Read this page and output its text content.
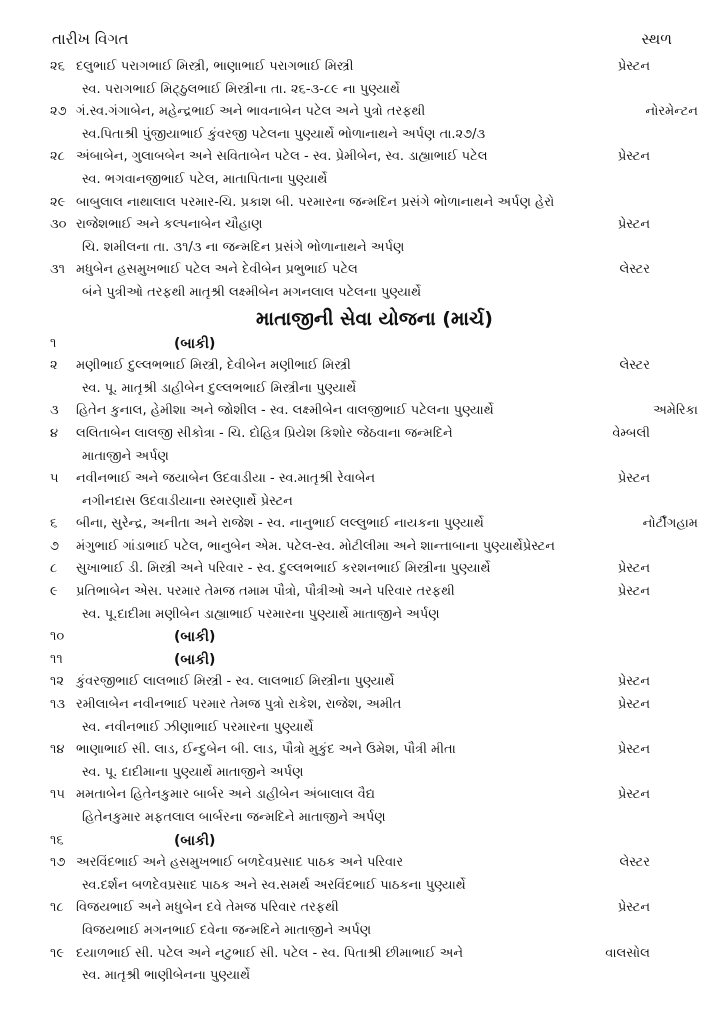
તારીખ વિગત	સ્થળ
૨૬ દલુભાઈ પરાગભાઈ મિસ્ત્રી, ભાણાભાઈ પરાગભાઈ મિસ્ત્રી	પ્રેસ્ટન
સ્વ. પરાગભાઈ મિટ્ઠુલભાઈ મિસ્ત્રીના તા. ૨૬-૩-૮૯ ના પુણ્યાર્થે
૨૭ ગં.સ્વ.ગંગાબેન, મહેન્દ્રભાઈ અને ભાવનાબેન પટેલ અને પુત્રો તરફથી	નોરમેન્ટન
સ્વ.પિતાશ્રી પુંજીયાભાઈ કુંવરજી પટેલના પુણ્યાર્થે ભોળાનાથને અર્પણ તા.૨૭/૩
૨૮ અંબાબેન, ગુલાબબેન અને સવિતાબેન પટેલ - સ્વ. પ્રેમીબેન, સ્વ. ડાહ્યાભાઈ પટેલ	પ્રેસ્ટન
સ્વ. ભગવાનજીભાઈ પટેલ, માતાપિતાના પુણ્યાર્થે
૨૯ બાબુલાલ નાથાલાલ પરમાર-ચિ. પ્રકાશ બી. પરમારના જન્મદિન પ્રસંગે ભોળાનાથને અર્પણ હેરો
૩૦ રાજેશભાઈ અને કલ્પનાબેન ચૌહાણ	પ્રેસ્ટન
ચિ. શમીલના તા. ૩૧/૩ ના જન્મદિન પ્રસંગે ભોળાનાથને અર્પણ
૩૧ મધુબેન હસમુખભાઈ પટેલ અને દેવીબેન પ્રભુભાઈ પટેલ	લેસ્ટર
બંને પુત્રીઓ તરફથી માતૃશ્રી લક્ષ્મીબેન મગનલાલ પટેલના પુણ્યાર્થે
માતાજીની સેવા યોજના (માર્ચ)
૧	(બાકી)
૨ મણીભાઈ દુલ્લભભાઈ મિસ્ત્રી, દેવીબેન મણીભાઈ મિસ્ત્રી	લેસ્ટર
સ્વ. પૂ. માતૃશ્રી ડાહીબેન દુલ્લભભાઈ મિસ્ત્રીના પુણ્યાર્થે
૩ હિતેન કુનાલ, હેમીશા અને જોશીલ - સ્વ. લક્ષ્મીબેન વાલજીભાઈ પટેલના પુણ્યાર્થે	અમેરિકા
૪ લલિતાબેન લાલજી સીકોત્રા - ચિ. દોહિત્ર પ્રિયેશ કિશોર જેઠવાના જન્મદિને	વેમ્બલી
માતાજીને અર્પણ
૫ નવીનભાઈ અને જયાબેન ઉદવાડીયા - સ્વ.માતૃશ્રી રેવાબેન	પ્રેસ્ટન
નગીનદાસ ઉદવાડીયાના સ્મરણાર્થે પ્રેસ્ટન
૬ બીના, સુરેન્દ્ર, અનીતા અને રાજેશ - સ્વ. નાનુભાઈ લલ્લુભાઈ નાયકના પુણ્યાર્થે	નોર્ટીંગહામ
૭ મંગુભાઈ ગાંડાભાઈ પટેલ, ભાનુબેન એમ. પટેલ-સ્વ. મોટીલીમા અને શાન્તાબાના પુણ્યાર્થેપ્રેસ્ટન
૮ સુખાભાઈ ડી. મિસ્ત્રી અને પરિવાર - સ્વ. દુલ્લભભાઈ કરશનભાઈ મિસ્ત્રીના પુણ્યાર્થે	પ્રેસ્ટન
૯ પ્રતિભાબેન એસ. પરમાર તેમજ તમામ પૌત્રો, પૌત્રીઓ અને પરિવાર તરફથી	પ્રેસ્ટન
સ્વ. પૂ.દાદીમા મણીબેન ડાહ્યાભાઈ પરમારના પુણ્યાર્થે માતાજીને અર્પણ
૧૦	(બાકી)
૧૧	(બાકી)
૧૨ કુંવરજીભાઈ લાલભાઈ મિસ્ત્રી - સ્વ. લાલભાઈ મિસ્ત્રીના પુણ્યાર્થે	પ્રેસ્ટન
૧૩ રમીલાબેન નવીનભાઈ પરમાર તેમજ પુત્રો રાકેશ, રાજેશ, અમીત	પ્રેસ્ટન
સ્વ. નવીનભાઈ ઝીણાભાઈ પરમારના પુણ્યાર્થે
૧૪ ભાણાભાઈ સી. લાડ, ઈન્દુબેન બી. લાડ, પૌત્રો મુકુંદ અને ઉમેશ, પૌત્રી મીતા	પ્રેસ્ટન
સ્વ. પૂ. દાદીમાના પુણ્યાર્થે માતાજીને અર્પણ
૧૫ મમતાબેન હિતેનકુમાર બાર્બર અને ડાહીબેન અંબાલાલ વૈદ્ય	પ્રેસ્ટન
હિતેનકુમાર મફતલાલ બાર્બરના જન્મદિને માતાજીને અર્પણ
૧૬	(બાકી)
૧૭ અરવિંદભાઈ અને હસમુખભાઈ બળદેવપ્રસાદ પાઠક અને પરિવાર	લેસ્ટર
સ્વ.દર્શન બળદેવપ્રસાદ પાઠક અને સ્વ.સમર્થ અરવિંદભાઈ પાઠકના પુણ્યાર્થે
૧૮ વિજયભાઈ અને મધુબેન દવે તેમજ પરિવાર તરફથી	પ્રેસ્ટન
વિજયભાઈ મગનભાઈ દવેના જન્મદિને માતાજીને અર્પણ
૧૯ દયાળભાઈ સી. પટેલ અને નટુભાઈ સી. પટેલ - સ્વ. પિતાશ્રી છીમાભાઈ અને	વાલસોલ
સ્વ. માતૃશ્રી ભાણીબેનના પુણ્યાર્થે
